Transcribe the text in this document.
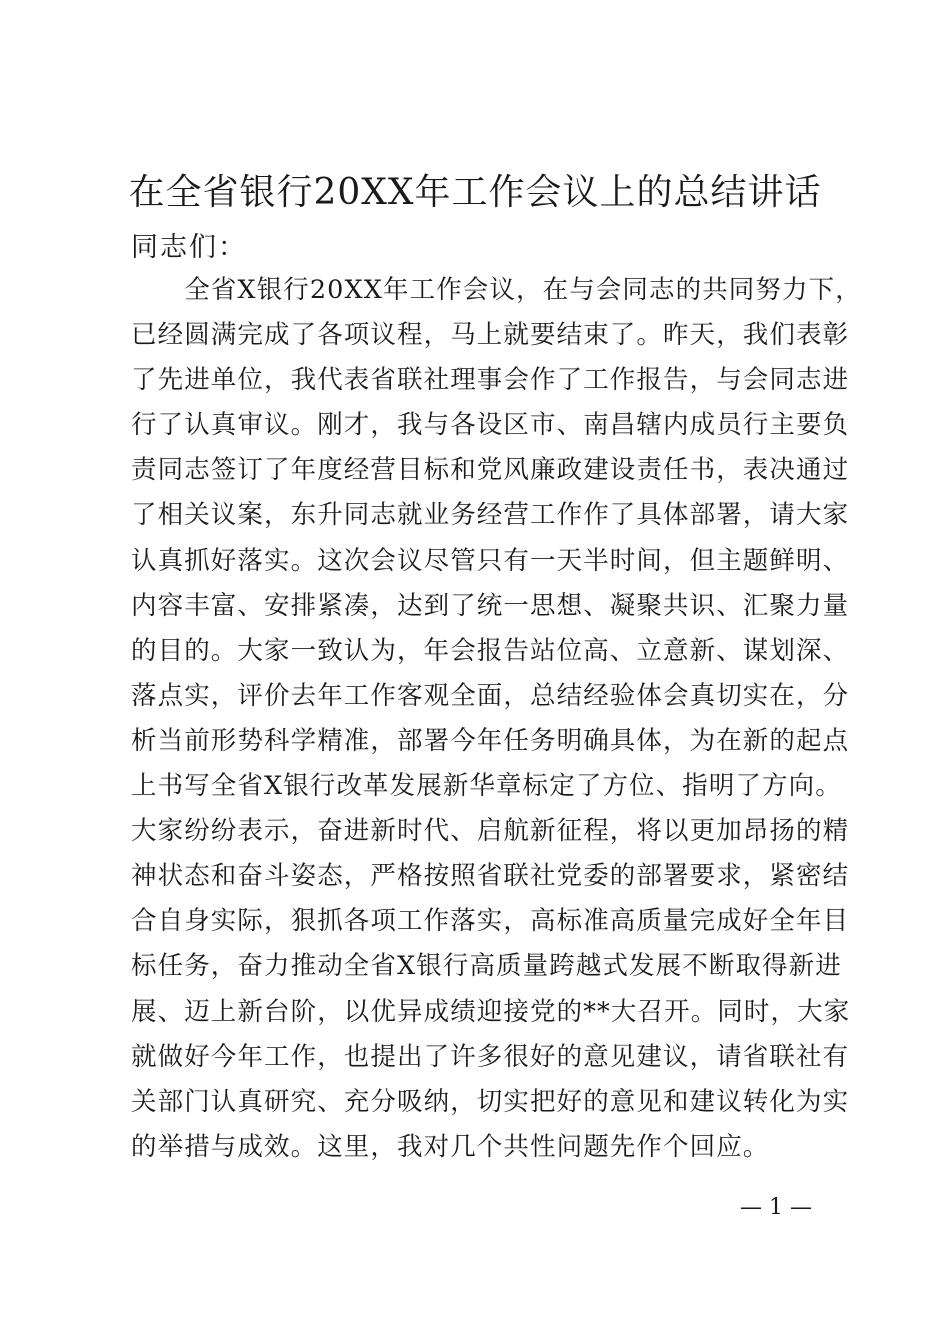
在全省银行20XX年工作会议上的总结讲话
同志们：
　　全省X银行20XX年工作会议，在与会同志的共同努力下，
已经圆满完成了各项议程，马上就要结束了。昨天，我们表彰
了先进单位，我代表省联社理事会作了工作报告，与会同志进
行了认真审议。刚才，我与各设区市、南昌辖内成员行主要负
责同志签订了年度经营目标和党风廉政建设责任书，表决通过
了相关议案，东升同志就业务经营工作作了具体部署，请大家
认真抓好落实。这次会议尽管只有一天半时间，但主题鲜明、
内容丰富、安排紧凑，达到了统一思想、凝聚共识、汇聚力量
的目的。大家一致认为，年会报告站位高、立意新、谋划深、
落点实，评价去年工作客观全面，总结经验体会真切实在，分
析当前形势科学精准，部署今年任务明确具体，为在新的起点
上书写全省X银行改革发展新华章标定了方位、指明了方向。
大家纷纷表示，奋进新时代、启航新征程，将以更加昂扬的精
神状态和奋斗姿态，严格按照省联社党委的部署要求，紧密结
合自身实际，狠抓各项工作落实，高标准高质量完成好全年目
标任务，奋力推动全省X银行高质量跨越式发展不断取得新进
展、迈上新台阶，以优异成绩迎接党的**大召开。同时，大家
就做好今年工作，也提出了许多很好的意见建议，请省联社有
关部门认真研究、充分吸纳，切实把好的意见和建议转化为实
的举措与成效。这里，我对几个共性问题先作个回应。
— 1 —
